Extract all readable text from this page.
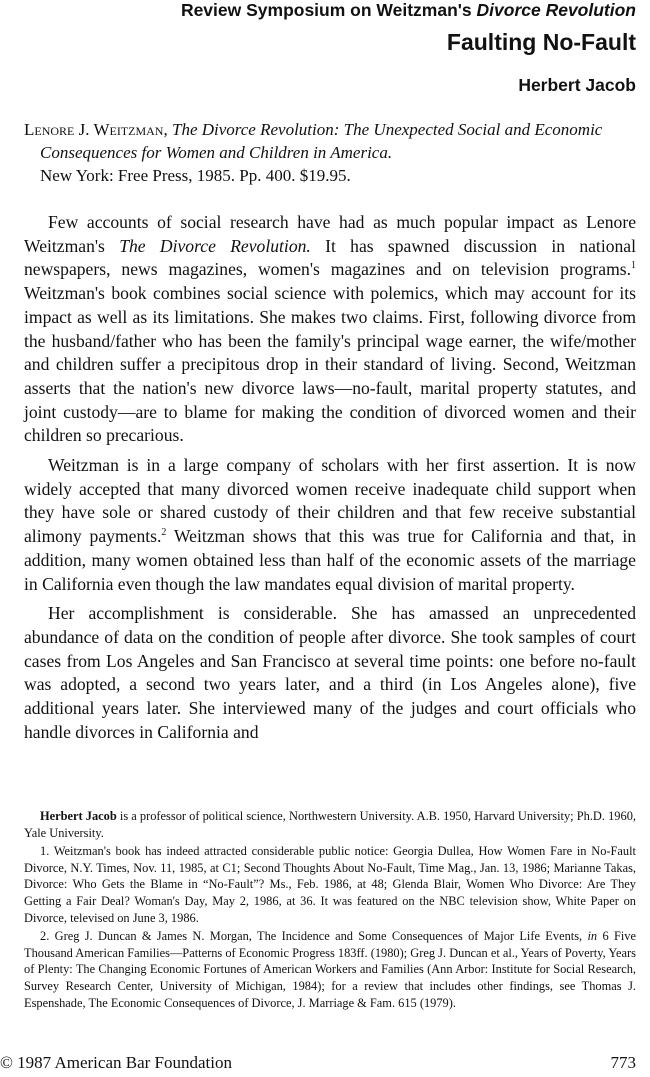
Review Symposium on Weitzman's Divorce Revolution
Faulting No-Fault
Herbert Jacob

Lenore J. Weitzman, The Divorce Revolution: The Unexpected Social and Economic Consequences for Women and Children in America.
New York: Free Press, 1985. Pp. 400. $19.95.

Few accounts of social research have had as much popular impact as Lenore Weitzman's The Divorce Revolution. It has spawned discussion in national newspapers, news magazines, women's magazines and on television programs.$^1$ Weitzman's book combines social science with polemics, which may account for its impact as well as its limitations. She makes two claims. First, following divorce from the husband/father who has been the family's principal wage earner, the wife/mother and children suffer a precipitous drop in their standard of living. Second, Weitzman asserts that the nation's new divorce laws—no-fault, marital property statutes, and joint custody—are to blame for making the condition of divorced women and their children so precarious.

Weitzman is in a large company of scholars with her first assertion. It is now widely accepted that many divorced women receive inadequate child support when they have sole or shared custody of their children and that few receive substantial alimony payments.$^2$ Weitzman shows that this was true for California and that, in addition, many women obtained less than half of the economic assets of the marriage in California even though the law mandates equal division of marital property.

Her accomplishment is considerable. She has amassed an unprecedented abundance of data on the condition of people after divorce. She took samples of court cases from Los Angeles and San Francisco at several time points: one before no-fault was adopted, a second two years later, and a third (in Los Angeles alone), five additional years later. She interviewed many of the judges and court officials who handle divorces in California and

Herbert Jacob is a professor of political science, Northwestern University. A.B. 1950, Harvard University; Ph.D. 1960, Yale University.

1. Weitzman's book has indeed attracted considerable public notice: Georgia Dullea, How Women Fare in No-Fault Divorce, N.Y. Times, Nov. 11, 1985, at C1; Second Thoughts About No-Fault, Time Mag., Jan. 13, 1986; Marianne Takas, Divorce: Who Gets the Blame in “No-Fault”? Ms., Feb. 1986, at 48; Glenda Blair, Women Who Divorce: Are They Getting a Fair Deal? Woman's Day, May 2, 1986, at 36. It was featured on the NBC television show, White Paper on Divorce, televised on June 3, 1986.

2. Greg J. Duncan & James N. Morgan, The Incidence and Some Consequences of Major Life Events, in 6 Five Thousand American Families—Patterns of Economic Progress 183ff. (1980); Greg J. Duncan et al., Years of Poverty, Years of Plenty: The Changing Economic Fortunes of American Workers and Families (Ann Arbor: Institute for Social Research, Survey Research Center, University of Michigan, 1984); for a review that includes other findings, see Thomas J. Espenshade, The Economic Consequences of Divorce, J. Marriage & Fam. 615 (1979).

© 1987 American Bar Foundation	773
